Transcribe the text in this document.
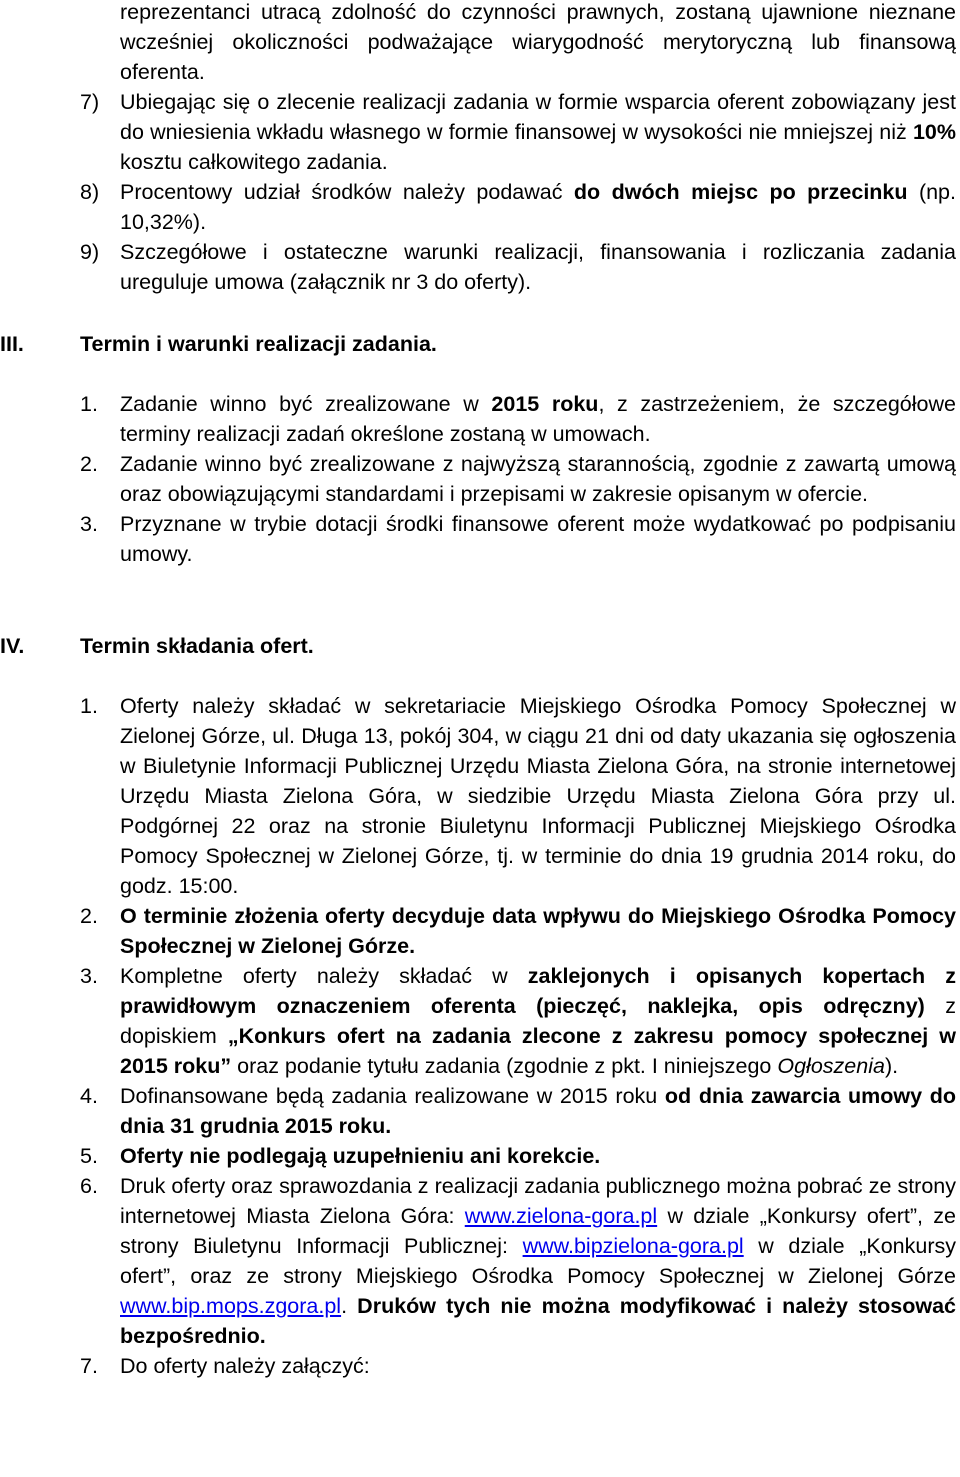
reprezentanci utracą zdolność do czynności prawnych, zostaną ujawnione nieznane wcześniej okoliczności podważające wiarygodność merytoryczną lub finansową oferenta.
7) Ubiegając się o zlecenie realizacji zadania w formie wsparcia oferent zobowiązany jest do wniesienia wkładu własnego w formie finansowej w wysokości nie mniejszej niż 10% kosztu całkowitego zadania.
8) Procentowy udział środków należy podawać do dwóch miejsc po przecinku (np. 10,32%).
9) Szczegółowe i ostateczne warunki realizacji, finansowania i rozliczania zadania ureguluje umowa (załącznik nr 3 do oferty).
III.	Termin i warunki realizacji zadania.
1.	Zadanie winno być zrealizowane w 2015 roku, z zastrzeżeniem, że szczegółowe terminy realizacji zadań określone zostaną w umowach.
2.	Zadanie winno być zrealizowane z najwyższą starannością, zgodnie z zawartą umową oraz obowiązującymi standardami i przepisami w zakresie opisanym w ofercie.
3.	Przyznane w trybie dotacji środki finansowe oferent może wydatkować po podpisaniu umowy.
IV.	Termin składania ofert.
1.	Oferty należy składać w sekretariacie Miejskiego Ośrodka Pomocy Społecznej w Zielonej Górze, ul. Długa 13, pokój 304, w ciągu 21 dni od daty ukazania się ogłoszenia w Biuletynie Informacji Publicznej Urzędu Miasta Zielona Góra, na stronie internetowej Urzędu Miasta Zielona Góra, w siedzibie Urzędu Miasta Zielona Góra przy ul. Podgórnej 22 oraz na stronie Biuletynu Informacji Publicznej Miejskiego Ośrodka Pomocy Społecznej w Zielonej Górze, tj. w terminie do dnia 19 grudnia 2014 roku, do godz. 15:00.
2.	O terminie złożenia oferty decyduje data wpływu do Miejskiego Ośrodka Pomocy Społecznej w Zielonej Górze.
3.	Kompletne oferty należy składać w zaklejonych i opisanych kopertach z prawidłowym oznaczeniem oferenta (pieczęć, naklejka, opis odręczny) z dopiskiem „Konkurs ofert na zadania zlecone z zakresu pomocy społecznej w 2015 roku” oraz podanie tytułu zadania (zgodnie z pkt. I niniejszego Ogłoszenia).
4.	Dofinansowane będą zadania realizowane w 2015 roku od dnia zawarcia umowy do dnia 31 grudnia 2015 roku.
5.	Oferty nie podlegają uzupełnieniu ani korekcie.
6.	Druk oferty oraz sprawozdania z realizacji zadania publicznego można pobrać ze strony internetowej Miasta Zielona Góra: www.zielona-gora.pl w dziale „Konkursy ofert”, ze strony Biuletynu Informacji Publicznej: www.bipzielona-gora.pl w dziale „Konkursy ofert”, oraz ze strony Miejskiego Ośrodka Pomocy Społecznej w Zielonej Górze www.bip.mops.zgora.pl. Druków tych nie można modyfikować i należy stosować bezpośrednio.
7.	Do oferty należy załączyć:
